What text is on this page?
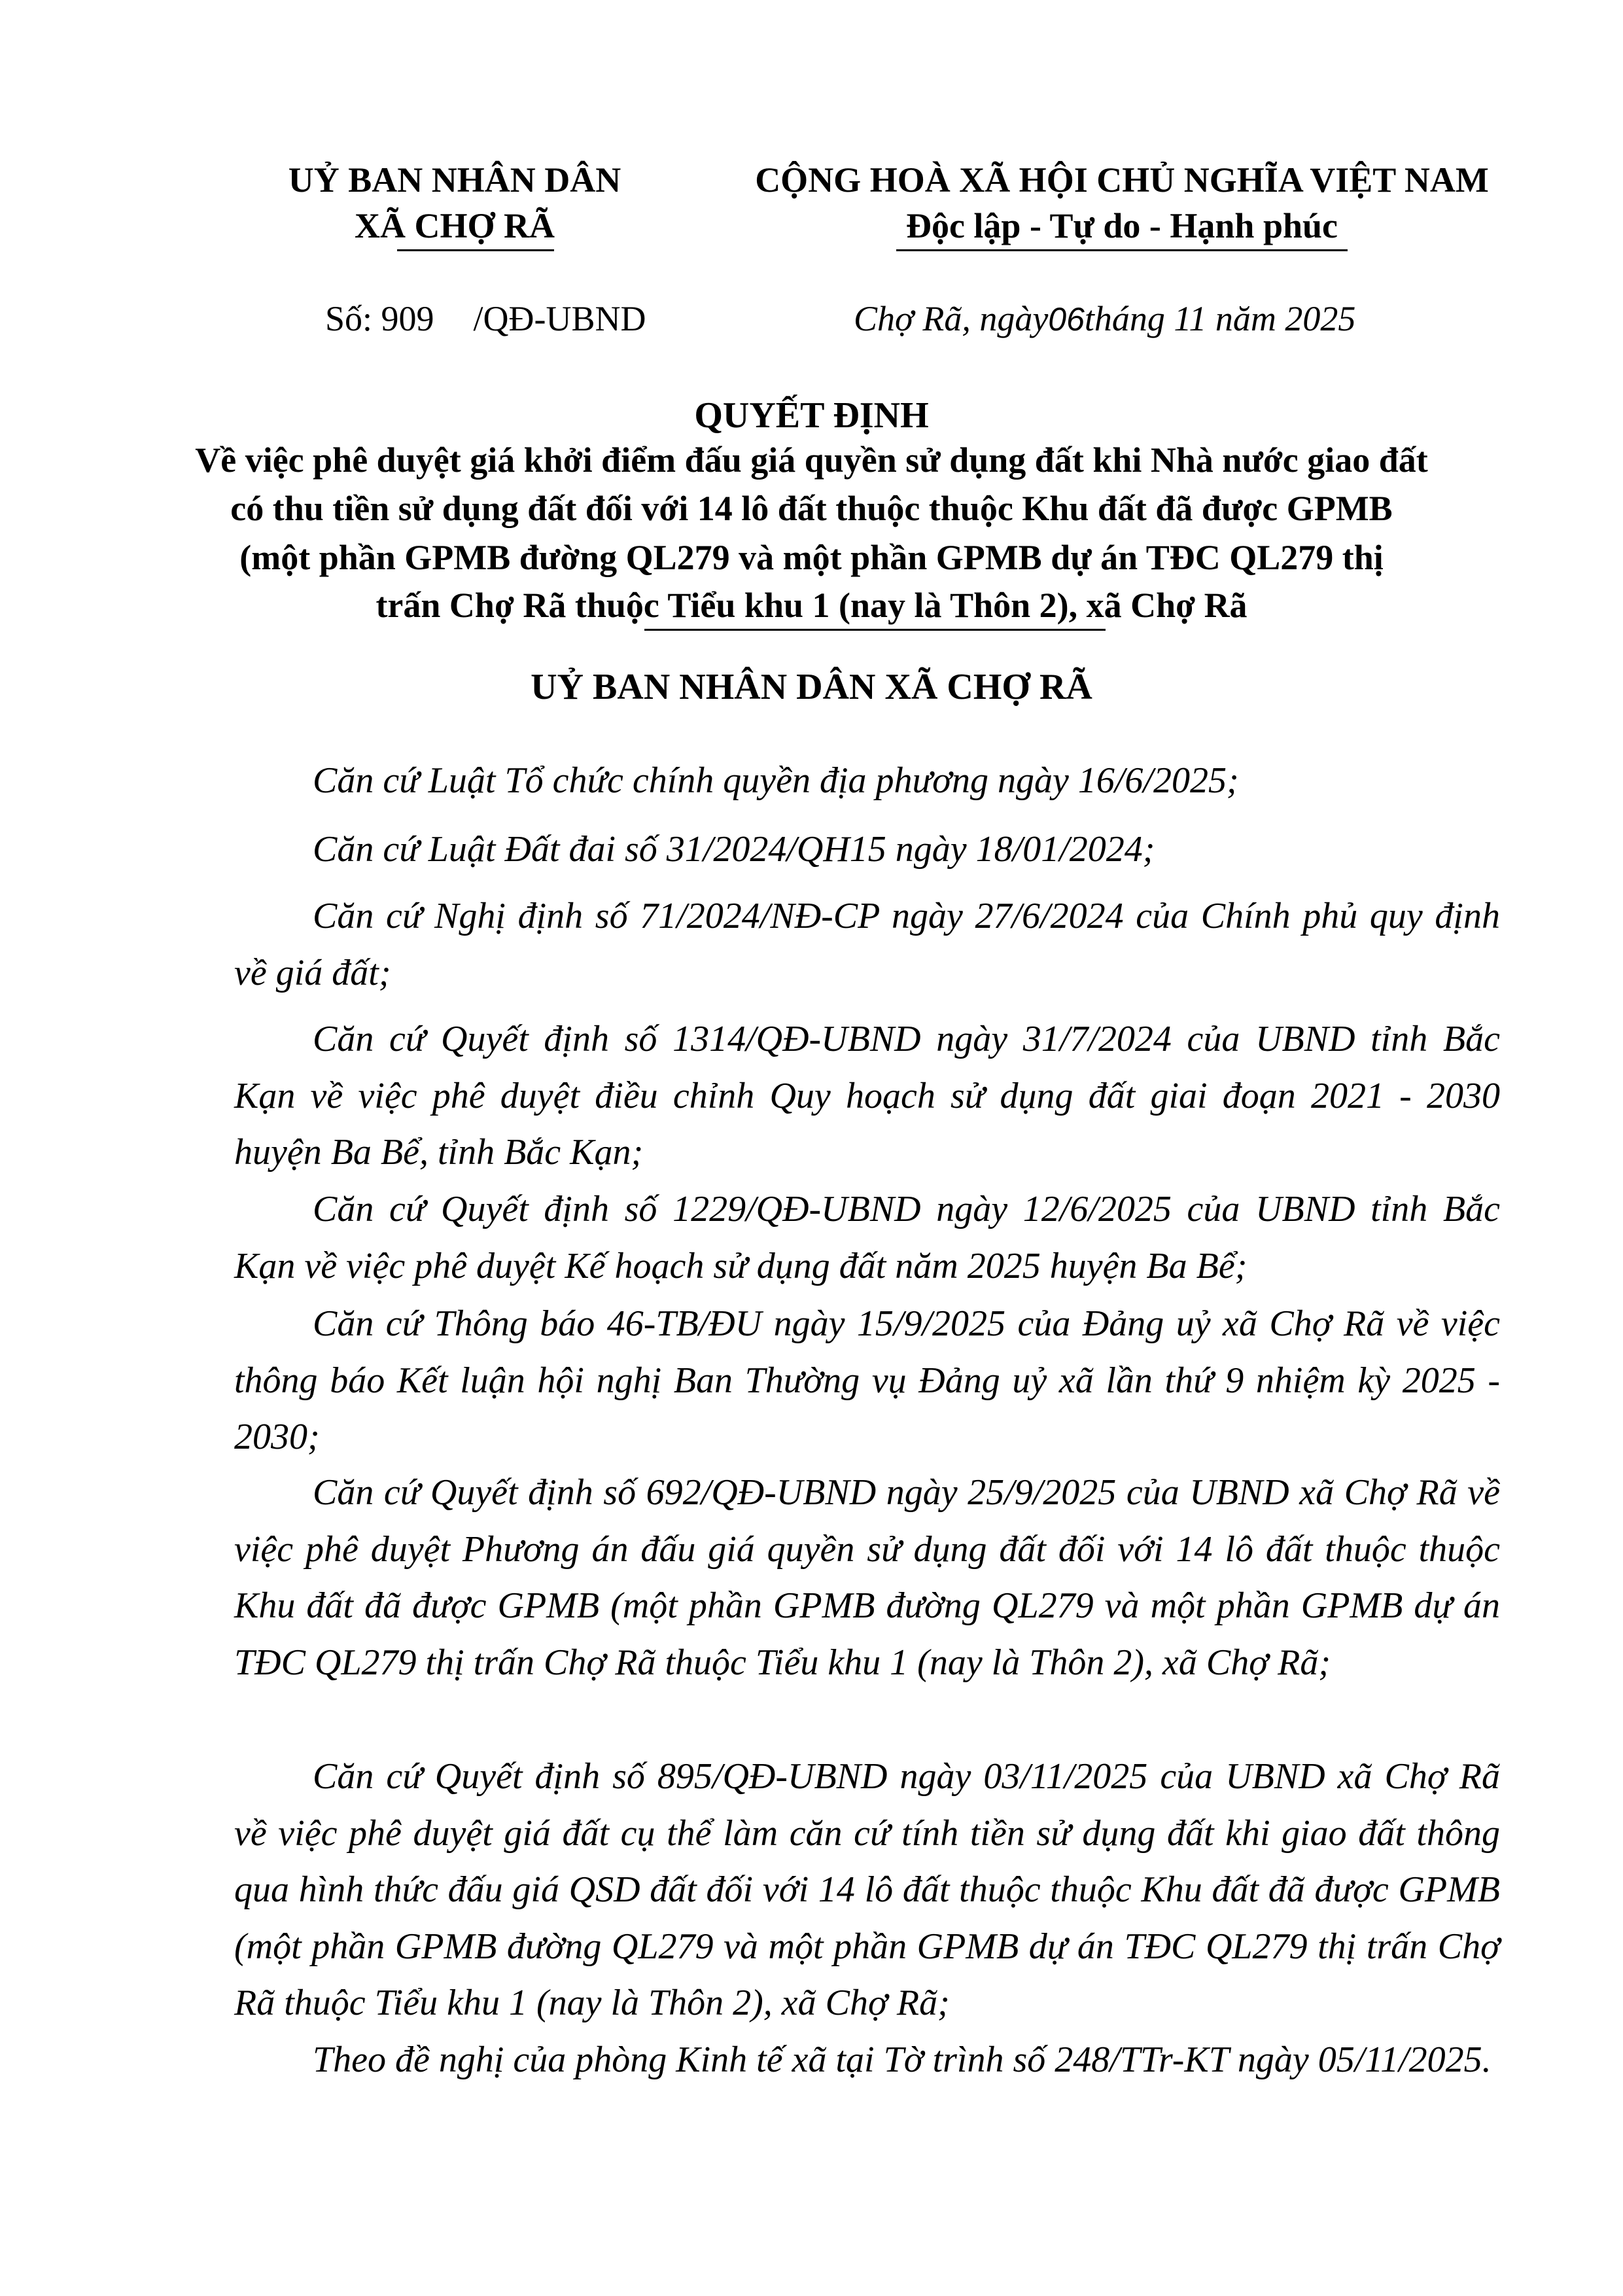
UỶ BAN NHÂN DÂN
XÃ CHỢ RÃ
CỘNG HOÀ XÃ HỘI CHỦ NGHĨA VIỆT NAM
Độc lập - Tự do - Hạnh phúc
Số: 909 /QĐ-UBND	Chợ Rã, ngày06tháng 11 năm 2025
QUYẾT ĐỊNH
Về việc phê duyệt giá khởi điểm đấu giá quyền sử dụng đất khi Nhà nước giao đất
có thu tiền sử dụng đất đối với 14 lô đất thuộc thuộc Khu đất đã được GPMB
(một phần GPMB đường QL279 và một phần GPMB dự án TĐC QL279 thị
trấn Chợ Rã thuộc Tiểu khu 1 (nay là Thôn 2), xã Chợ Rã
UỶ BAN NHÂN DÂN XÃ CHỢ RÃ

Căn cứ Luật Tổ chức chính quyền địa phương ngày 16/6/2025;

Căn cứ Luật Đất đai số 31/2024/QH15 ngày 18/01/2024;

Căn cứ Nghị định số 71/2024/NĐ-CP ngày 27/6/2024 của Chính phủ quy định về giá đất;

Căn cứ Quyết định số 1314/QĐ-UBND ngày 31/7/2024 của UBND tỉnh Bắc Kạn về việc phê duyệt điều chỉnh Quy hoạch sử dụng đất giai đoạn 2021 - 2030 huyện Ba Bể, tỉnh Bắc Kạn;

Căn cứ Quyết định số 1229/QĐ-UBND ngày 12/6/2025 của UBND tỉnh Bắc Kạn về việc phê duyệt Kế hoạch sử dụng đất năm 2025 huyện Ba Bể;

Căn cứ Thông báo 46-TB/ĐU ngày 15/9/2025 của Đảng uỷ xã Chợ Rã về việc thông báo Kết luận hội nghị Ban Thường vụ Đảng uỷ xã lần thứ 9 nhiệm kỳ 2025 - 2030;

Căn cứ Quyết định số 692/QĐ-UBND ngày 25/9/2025 của UBND xã Chợ Rã về việc phê duyệt Phương án đấu giá quyền sử dụng đất đối với 14 lô đất thuộc thuộc Khu đất đã được GPMB (một phần GPMB đường QL279 và một phần GPMB dự án TĐC QL279 thị trấn Chợ Rã thuộc Tiểu khu 1 (nay là Thôn 2), xã Chợ Rã;

Căn cứ Quyết định số 895/QĐ-UBND ngày 03/11/2025 của UBND xã Chợ Rã về việc phê duyệt giá đất cụ thể làm căn cứ tính tiền sử dụng đất khi giao đất thông qua hình thức đấu giá QSD đất đối với 14 lô đất thuộc thuộc Khu đất đã được GPMB (một phần GPMB đường QL279 và một phần GPMB dự án TĐC QL279 thị trấn Chợ Rã thuộc Tiểu khu 1 (nay là Thôn 2), xã Chợ Rã;

Theo đề nghị của phòng Kinh tế xã tại Tờ trình số 248/TTr-KT ngày 05/11/2025.
